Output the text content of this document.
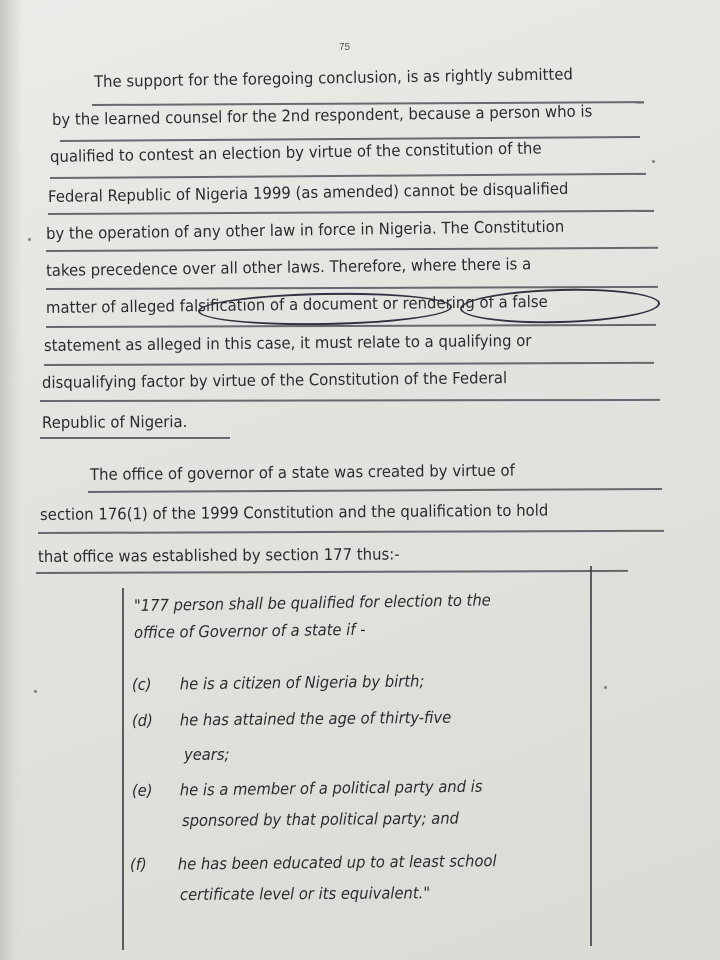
75
The support for the foregoing conclusion, is as rightly submitted
by the learned counsel for the 2nd respondent, because a person who is
qualified to contest an election by virtue of the constitution of the
Federal Republic of Nigeria 1999 (as amended) cannot be disqualified
by the operation of any other law in force in Nigeria. The Constitution
takes precedence over all other laws. Therefore, where there is a
matter of alleged falsification of a document or rendering of a false
statement as alleged in this case, it must relate to a qualifying or
disqualifying factor by virtue of the Constitution of the Federal
Republic of Nigeria.
The office of governor of a state was created by virtue of
section 176(1) of the 1999 Constitution and the qualification to hold
that office was established by section 177 thus:-
"177 person shall be qualified for election to the
office of Governor of a state if -
(c) he is a citizen of Nigeria by birth;
(d) he has attained the age of thirty-five
years;
(e) he is a member of a political party and is
sponsored by that political party; and
(f) he has been educated up to at least school
certificate level or its equivalent."
